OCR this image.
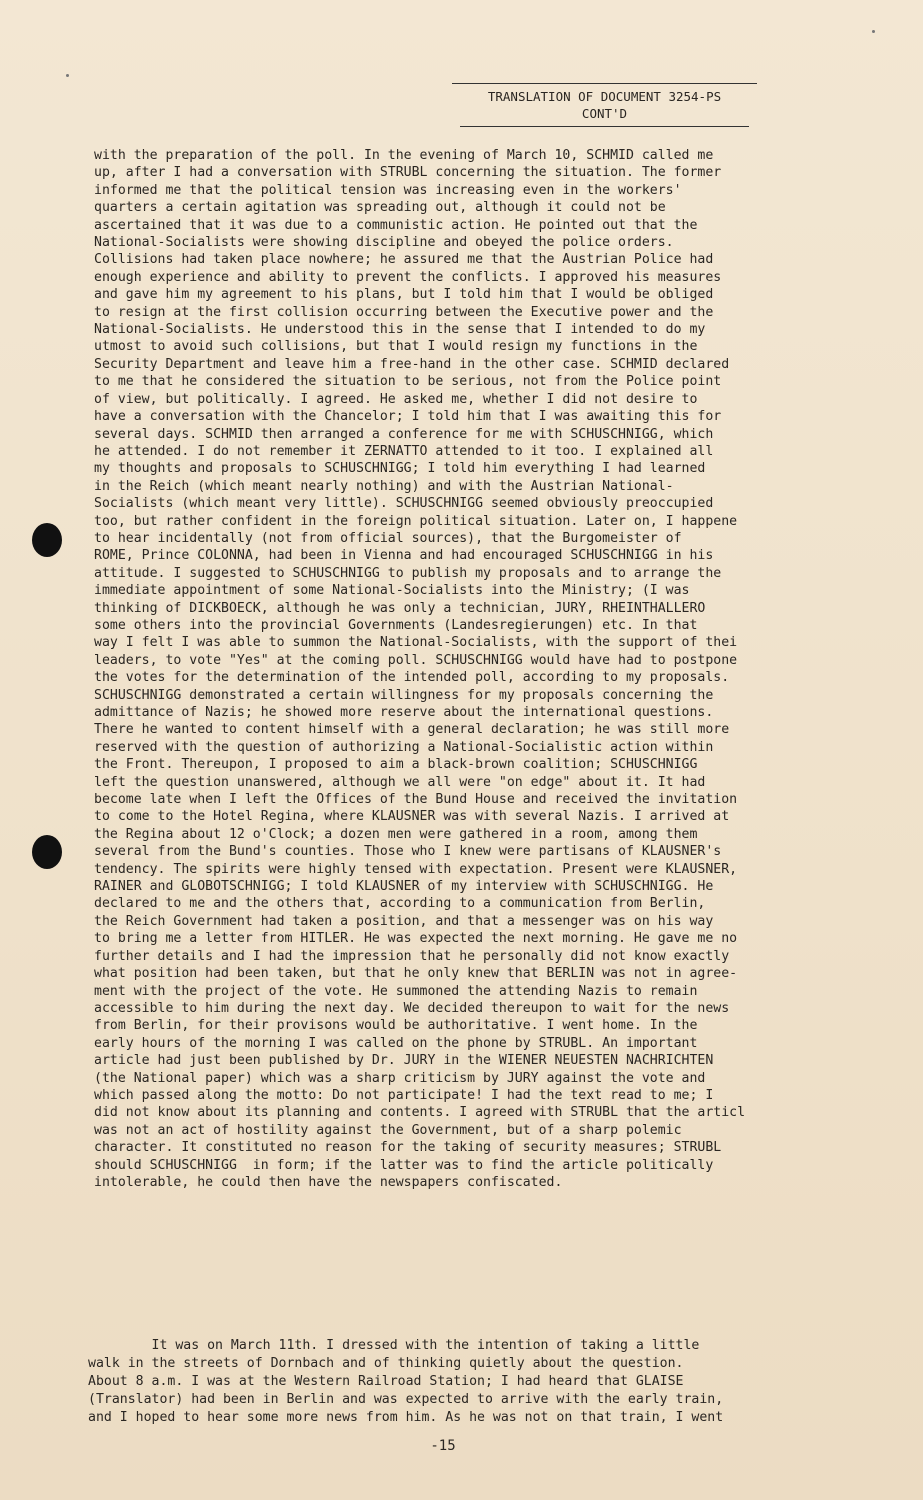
TRANSLATION OF DOCUMENT 3254-PS
CONT'D
with the preparation of the poll. In the evening of March 10, SCHMID called me
up, after I had a conversation with STRUBL concerning the situation. The former
informed me that the political tension was increasing even in the workers'
quarters a certain agitation was spreading out, although it could not be
ascertained that it was due to a communistic action. He pointed out that the
National-Socialists were showing discipline and obeyed the police orders.
Collisions had taken place nowhere; he assured me that the Austrian Police had
enough experience and ability to prevent the conflicts. I approved his measures
and gave him my agreement to his plans, but I told him that I would be obliged
to resign at the first collision occurring between the Executive power and the
National-Socialists. He understood this in the sense that I intended to do my
utmost to avoid such collisions, but that I would resign my functions in the
Security Department and leave him a free-hand in the other case. SCHMID declared
to me that he considered the situation to be serious, not from the Police point
of view, but politically. I agreed. He asked me, whether I did not desire to
have a conversation with the Chancelor; I told him that I was awaiting this for
several days. SCHMID then arranged a conference for me with SCHUSCHNIGG, which
he attended. I do not remember it ZERNATTO attended to it too. I explained all
my thoughts and proposals to SCHUSCHNIGG; I told him everything I had learned
in the Reich (which meant nearly nothing) and with the Austrian National-
Socialists (which meant very little). SCHUSCHNIGG seemed obviously preoccupied
too, but rather confident in the foreign political situation. Later on, I happene
to hear incidentally (not from official sources), that the Burgomeister of
ROME, Prince COLONNA, had been in Vienna and had encouraged SCHUSCHNIGG in his
attitude. I suggested to SCHUSCHNIGG to publish my proposals and to arrange the
immediate appointment of some National-Socialists into the Ministry; (I was
thinking of DICKBOECK, although he was only a technician, JURY, RHEINTHALLERO
some others into the provincial Governments (Landesregierungen) etc. In that
way I felt I was able to summon the National-Socialists, with the support of thei
leaders, to vote "Yes" at the coming poll. SCHUSCHNIGG would have had to postpone
the votes for the determination of the intended poll, according to my proposals.
SCHUSCHNIGG demonstrated a certain willingness for my proposals concerning the
admittance of Nazis; he showed more reserve about the international questions.
There he wanted to content himself with a general declaration; he was still more
reserved with the question of authorizing a National-Socialistic action within
the Front. Thereupon, I proposed to aim a black-brown coalition; SCHUSCHNIGG
left the question unanswered, although we all were "on edge" about it. It had
become late when I left the Offices of the Bund House and received the invitation
to come to the Hotel Regina, where KLAUSNER was with several Nazis. I arrived at
the Regina about 12 o'Clock; a dozen men were gathered in a room, among them
several from the Bund's counties. Those who I knew were partisans of KLAUSNER's
tendency. The spirits were highly tensed with expectation. Present were KLAUSNER,
RAINER and GLOBOTSCHNIGG; I told KLAUSNER of my interview with SCHUSCHNIGG. He
declared to me and the others that, according to a communication from Berlin,
the Reich Government had taken a position, and that a messenger was on his way
to bring me a letter from HITLER. He was expected the next morning. He gave me no
further details and I had the impression that he personally did not know exactly
what position had been taken, but that he only knew that BERLIN was not in agree-
ment with the project of the vote. He summoned the attending Nazis to remain
accessible to him during the next day. We decided thereupon to wait for the news
from Berlin, for their provisons would be authoritative. I went home. In the
early hours of the morning I was called on the phone by STRUBL. An important
article had just been published by Dr. JURY in the WIENER NEUESTEN NACHRICHTEN
(the National paper) which was a sharp criticism by JURY against the vote and
which passed along the motto: Do not participate! I had the text read to me; I
did not know about its planning and contents. I agreed with STRUBL that the articl
was not an act of hostility against the Government, but of a sharp polemic
character. It constituted no reason for the taking of security measures; STRUBL
should SCHUSCHNIGG  in form; if the latter was to find the article politically
intolerable, he could then have the newspapers confiscated.
It was on March 11th. I dressed with the intention of taking a little
walk in the streets of Dornbach and of thinking quietly about the question.
About 8 a.m. I was at the Western Railroad Station; I had heard that GLAISE
(Translator) had been in Berlin and was expected to arrive with the early train,
and I hoped to hear some more news from him. As he was not on that train, I went
-15
